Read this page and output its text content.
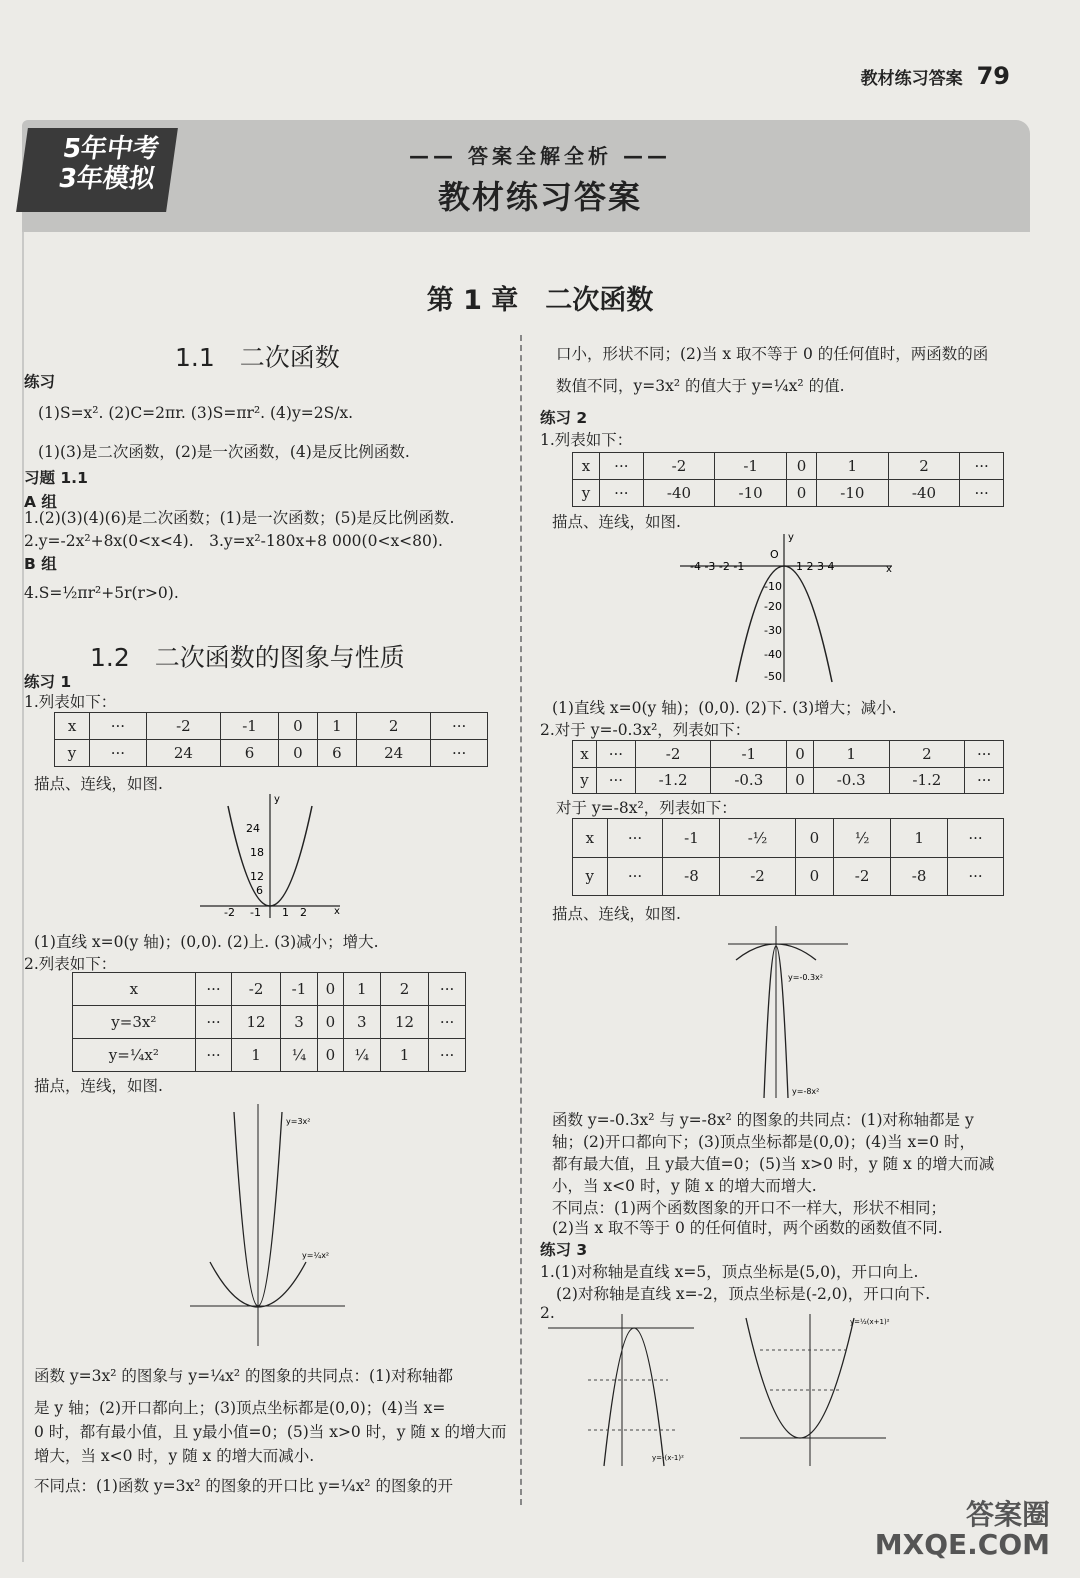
教材练习答案 79
5年中考
3年模拟
—— 答案全解全析 ——
教材练习答案
第 1 章　二次函数
1.1　二次函数
练习
(1)S=x². (2)C=2πr. (3)S=πr². (4)y=2S/x.
(1)(3)是二次函数，(2)是一次函数，(4)是反比例函数.
习题 1.1
A 组
1.(2)(3)(4)(6)是二次函数；(1)是一次函数；(5)是反比例函数.
2.y=-2x²+8x(0<x<4).　3.y=x²-180x+8 000(0<x<80).
B 组
4.S=½πr²+5r(r>0).
1.2　二次函数的图象与性质
练习 1
1.列表如下：
x	···	-2	-1	0	1	2	···
y	···	24	6	0	6	24	···
描点、连线，如图.
24
18
12
6
-2 -1 1 2
y
x
(1)直线 x=0(y 轴)；(0,0). (2)上. (3)减小；增大.
2.列表如下：
x	···	-2	-1	0	1	2	···
y=3x²	···	12	3	0	3	12	···
y=¼x²	···	1	¼	0	¼	1	···
描点，连线，如图.
y=3x²
y=¼x²
函数 y=3x² 的图象与 y=¼x² 的图象的共同点：(1)对称轴都
是 y 轴；(2)开口都向上；(3)顶点坐标都是(0,0)；(4)当 x=
0 时，都有最小值，且 y最小值=0；(5)当 x>0 时，y 随 x 的增大而
增大，当 x<0 时，y 随 x 的增大而减小.
不同点：(1)函数 y=3x² 的图象的开口比 y=¼x² 的图象的开
口小，形状不同；(2)当 x 取不等于 0 的任何值时，两函数的函
数值不同，y=3x² 的值大于 y=¼x² 的值.
练习 2
1.列表如下：
x	···	-2	-1	0	1	2	···
y	···	-40	-10	0	-10	-40	···
描点、连线，如图.
-4 -3 -2 -1	1 2 3 4
-10
-20
-30
-40
-50
O
y
x
(1)直线 x=0(y 轴)；(0,0). (2)下. (3)增大；减小.
2.对于 y=-0.3x²，列表如下：
x	···	-2	-1	0	1	2	···
y	···	-1.2	-0.3	0	-0.3	-1.2	···
对于 y=-8x²，列表如下：
x	···	-1	-½	0	½	1	···
y	···	-8	-2	0	-2	-8	···
描点、连线，如图.
y=-0.3x²
y=-8x²
函数 y=-0.3x² 与 y=-8x² 的图象的共同点：(1)对称轴都是 y
轴；(2)开口都向下；(3)顶点坐标都是(0,0)；(4)当 x=0 时，
都有最大值，且 y最大值=0；(5)当 x>0 时，y 随 x 的增大而减
小，当 x<0 时，y 随 x 的增大而增大.
不同点：(1)两个函数图象的开口不一样大，形状不相同；
(2)当 x 取不等于 0 的任何值时，两个函数的函数值不同.
练习 3
1.(1)对称轴是直线 x=5，顶点坐标是(5,0)，开口向上.
(2)对称轴是直线 x=-2，顶点坐标是(-2,0)，开口向下.
2.
y=-(x-1)²
y=½(x+1)²
答案圈
MXQE.COM
